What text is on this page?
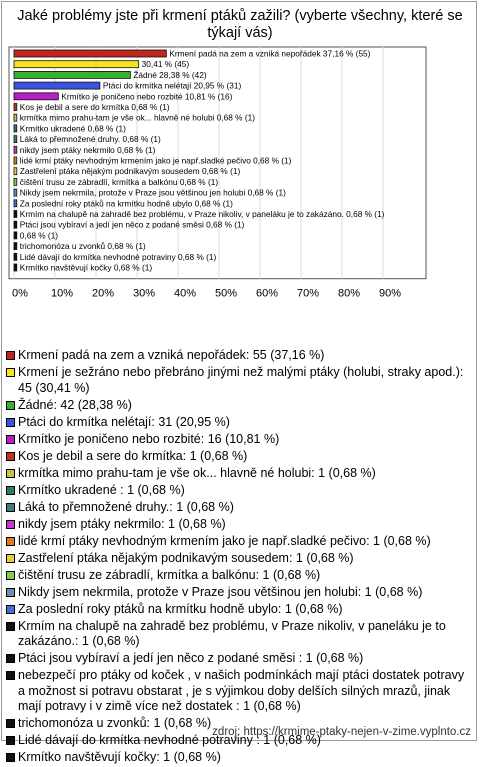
Jaké problémy jste při krmení ptáků zažili? (vyberte všechny, které se týkají vás)
0% 10% 20% 30% 40% 50% 60% 70% 80% 90%
Krmení padá na zem a vzniká nepořádek 37,16 % (55)
30,41 % (45)
Žádné 28,38 % (42)
Ptáci do krmítka nelétají 20,95 % (31)
Krmítko je poničeno nebo rozbité 10,81 % (16)
Kos je debil a sere do krmítka 0,68 % (1)
krmítka mimo prahu-tam je vše ok... hlavně né holubi 0,68 % (1)
Krmítko ukradené 0,68 % (1)
Láká to přemnožené druhy. 0,68 % (1)
nikdy jsem ptáky nekrmilo 0,68 % (1)
lidé krmí ptáky nevhodným krmením jako je např.sladké pečivo 0,68 % (1)
Zastřelení ptáka nějakým podnikavým sousedem 0,68 % (1)
čištění trusu ze zábradlí, krmítka a balkónu 0,68 % (1)
Nikdy jsem nekrmila, protože v Praze jsou většinou jen holubi 0,68 % (1)
Za poslední roky ptáků na krmítku hodně ubylo 0,68 % (1)
Krmím na chalupě na zahradě bez problému, v Praze nikoliv, v paneláku je to zakázáno. 0,68 % (1)
Ptáci jsou vybíraví a jedí jen něco z podané směsi 0,68 % (1)
0,68 % (1)
trichomonóza u zvonků 0,68 % (1)
Lidé dávají do krmítka nevhodné potraviny 0,68 % (1)
Krmítko navštěvují kočky 0,68 % (1)
Krmení padá na zem a vzniká nepořádek: 55 (37,16 %)
Krmení je sežráno nebo přebráno jinými než malými ptáky (holubi, straky apod.): 45 (30,41 %)
Žádné: 42 (28,38 %)
Ptáci do krmítka nelétají: 31 (20,95 %)
Krmítko je poničeno nebo rozbité: 16 (10,81 %)
Kos je debil a sere do krmítka: 1 (0,68 %)
krmítka mimo prahu-tam je vše ok... hlavně né holubi: 1 (0,68 %)
Krmítko ukradené : 1 (0,68 %)
Láká to přemnožené druhy.: 1 (0,68 %)
nikdy jsem ptáky nekrmilo: 1 (0,68 %)
lidé krmí ptáky nevhodným krmením jako je např.sladké pečivo: 1 (0,68 %)
Zastřelení ptáka nějakým podnikavým sousedem: 1 (0,68 %)
čištění trusu ze zábradlí, krmítka a balkónu: 1 (0,68 %)
Nikdy jsem nekrmila, protože v Praze jsou většinou jen holubi: 1 (0,68 %)
Za poslední roky ptáků na krmítku hodně ubylo: 1 (0,68 %)
Krmím na chalupě na zahradě bez problému, v Praze nikoliv, v paneláku je to zakázáno.: 1 (0,68 %)
Ptáci jsou vybíraví a jedí jen něco z podané směsi : 1 (0,68 %)
nebezpečí pro ptáky od koček , v našich podmínkách mají ptáci dostatek potravy a možnost si potravu obstarat , je s výjimkou doby delších silných mrazů, jinak mají potravy i v zimě více než dostatek : 1 (0,68 %)
trichomonóza u zvonků: 1 (0,68 %)
Lidé dávají do krmítka nevhodné potraviny : 1 (0,68 %)
Krmítko navštěvují kočky: 1 (0,68 %)
zdroj: https://krmime-ptaky-nejen-v-zime.vyplnto.cz
